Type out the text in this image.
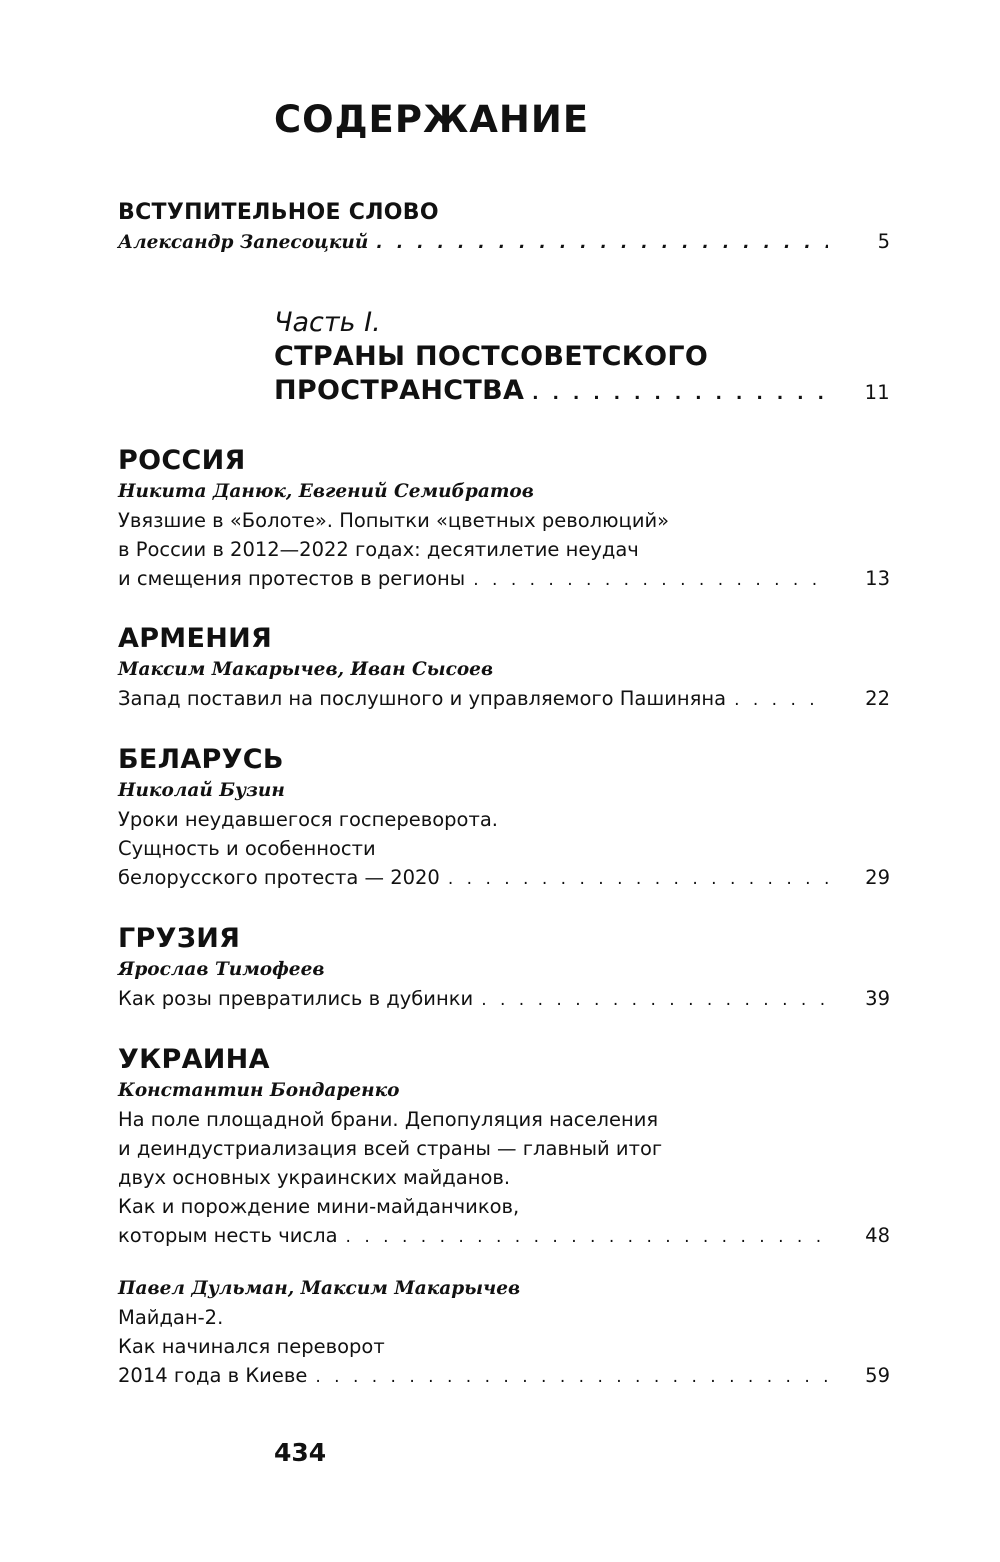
СОДЕРЖАНИЕ

ВСТУПИТЕЛЬНОЕ СЛОВО

Александр Запесоцкий . . .	5

Часть I.

СТРАНЫ ПОСТСОВЕТСКОГО

ПРОСТРАНСТВА . . .	11

РОССИЯ

Никита Данюк, Евгений Семибратов

Увязшие в «Болоте». Попытки «цветных революций»

в России в 2012—2022 годах: десятилетие неудач

и смещения протестов в регионы . . .	13

АРМЕНИЯ

Максим Макарычев, Иван Сысоев

Запад поставил на послушного и управляемого Пашиняна . . .	22

БЕЛАРУСЬ

Николай Бузин

Уроки неудавшегося госпереворота.

Сущность и особенности

белорусского протеста — 2020 . . .	29

ГРУЗИЯ

Ярослав Тимофеев

Как розы превратились в дубинки . . .	39

УКРАИНА

Константин Бондаренко

На поле площадной брани. Депопуляция населения

и деиндустриализация всей страны — главный итог

двух основных украинских майданов.

Как и порождение мини-майданчиков,

которым несть числа . . .	48

Павел Дульман, Максим Макарычев

Майдан-2.

Как начинался переворот

2014 года в Киеве . . .	59

434
